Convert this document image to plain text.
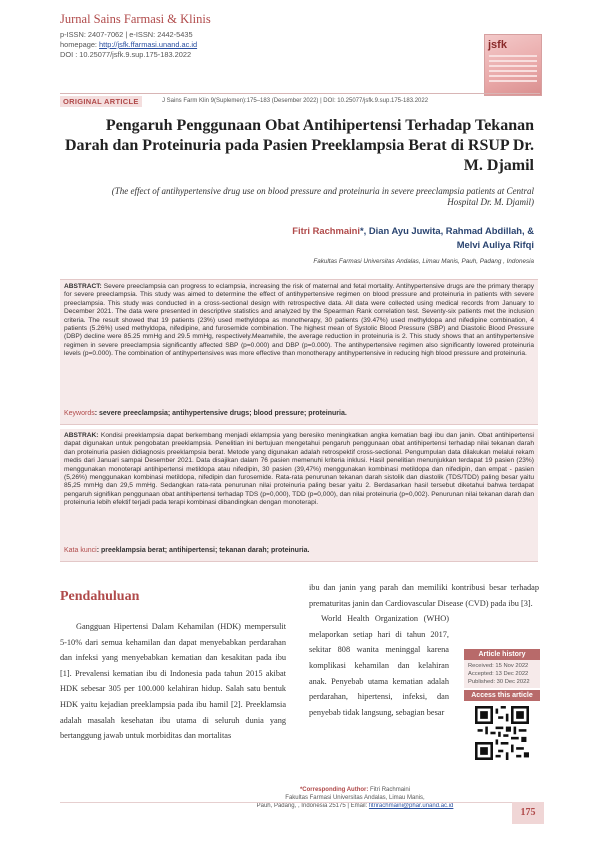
Jurnal Sains Farmasi & Klinis
p-ISSN: 2407-7062 | e-ISSN: 2442-5435
homepage: http://jsfk.ffarmasi.unand.ac.id
DOI : 10.25077/jsfk.9.sup.175-183.2022
jsfk
ORIGINAL ARTICLE	J Sains Farm Klin 9(Suplemen):175–183 (Desember 2022) | DOI: 10.25077/jsfk.9.sup.175-183.2022
Pengaruh Penggunaan Obat Antihipertensi Terhadap Tekanan Darah dan Proteinuria pada Pasien Preeklampsia Berat di RSUP Dr. M. Djamil
(The effect of antihypertensive drug use on blood pressure and proteinuria in severe preeclampsia patients at Central Hospital Dr. M. Djamil)
Fitri Rachmaini*, Dian Ayu Juwita, Rahmad Abdillah, &
Melvi Auliya Rifqi
Fakultas Farmasi Universitas Andalas, Limau Manis, Pauh, Padang , Indonesia
ABSTRACT: Severe preeclampsia can progress to eclampsia, increasing the risk of maternal and fetal mortality. Antihypertensive drugs are the primary therapy for severe preeclampsia. This study was aimed to determine the effect of antihypertensive regimen on blood pressure and proteinuria in patients with severe preeclampsia. This study was conducted in a cross-sectional design with retrospective data. All data were collected using medical records from January to December 2021. The data were presented in descriptive statistics and analyzed by the Spearman Rank correlation test. Seventy-six patients met the inclusion criteria. The result showed that 19 patients (23%) used methyldopa as monotherapy, 30 patients (39.47%) used methyldopa and nifedipine combination, 4 patients (5.26%) used methyldopa, nifedipine, and furosemide combination. The highest mean of Systolic Blood Pressure (SBP) and Diastolic Blood Pressure (DBP) decline were 85.25 mmHg and 29.5 mmHg, respectively.Meanwhile, the average reduction in proteinuria is 2. This study shows that an antihypertensive regimen in severe preeclampsia significantly affected SBP (p=0.000) and DBP (p=0.000). The antihypertensive regimen also significantly lowered proteinuria levels (p=0.000). The combination of antihypertensives was more effective than monotherapy antihypertensive in reducing high blood pressure and proteinuria.
Keywords: severe preeclampsia; antihypertensive drugs; blood pressure; proteinuria.
ABSTRAK: Kondisi preeklampsia dapat berkembang menjadi eklampsia yang beresiko meningkatkan angka kematian bagi ibu dan janin. Obat antihipertensi dapat digunakan untuk pengobatan preeklampsia. Penelitian ini bertujuan mengetahui pengaruh penggunaan obat antihipertensi terhadap nilai tekanan darah dan proteinuria pasien didiagnosis preeklampsia berat. Metode yang digunakan adalah retrospektif cross-sectional. Pengumpulan data dilakukan melalui rekam medis dari Januari sampai Desember 2021. Data disajikan dalam 76 pasien memenuhi kriteria inklusi. Hasil penelitian menunjukkan terdapat 19 pasien (23%) menggunakan monoterapi antihipertensi metildopa atau nifedipin, 30 pasien (39,47%) menggunakan kombinasi metildopa dan nifedipin, dan empat - pasien (5,26%) menggunakan kombinasi metildopa, nifedipin dan furosemide. Rata-rata penurunan tekanan darah sistolik dan diastolik (TDS/TDD) paling besar yaitu 85,25 mmHg dan 29,5 mmHg. Sedangkan rata-rata penurunan nilai proteinuria paling besar yaitu 2. Berdasarkan hasil tersebut diketahui bahwa terdapat pengaruh signifikan penggunaan obat antihipertensi terhadap TDS (p=0,000), TDD (p=0,000), dan nilai proteinuria (p=0,002). Penurunan nilai tekanan darah dan proteinuria lebih efektif terjadi pada terapi kombinasi dibandingkan dengan monoterapi.
Kata kunci: preeklampsia berat; antihipertensi; tekanan darah; proteinuria.
Pendahuluan
Gangguan Hipertensi Dalam Kehamilan (HDK) mempersulit 5-10% dari semua kehamilan dan dapat menyebabkan perdarahan dan infeksi yang menyebabkan kematian dan kesakitan pada ibu [1]. Prevalensi kematian ibu di Indonesia pada tahun 2015 akibat HDK sebesar 305 per 100.000 kelahiran hidup. Salah satu bentuk HDK yaitu kejadian preeklampsia pada ibu hamil [2]. Preeklamsia adalah masalah kesehatan ibu utama di seluruh dunia yang bertanggung jawab untuk morbiditas dan mortalitas
ibu dan janin yang parah dan memiliki kontribusi besar terhadap prematuritas janin dan Cardiovascular Disease (CVD) pada ibu [3].
World Health Organization (WHO) melaporkan setiap hari di tahun 2017, sekitar 808 wanita meninggal karena komplikasi kehamilan dan kelahiran anak. Penyebab utama kematian adalah perdarahan, hipertensi, infeksi, dan penyebab tidak langsung, sebagian besar
Article history
Received: 15 Nov 2022
Accepted: 13 Dec 2022
Published: 30 Dec 2022
Access this article
*Corresponding Author: Fitri Rachmaini
Fakultas Farmasi Universitas Andalas, Limau Manis,
Pauh, Padang, , Indonesia 25175 | Email: fitrirachmaini@phar.unand.ac.id
175
